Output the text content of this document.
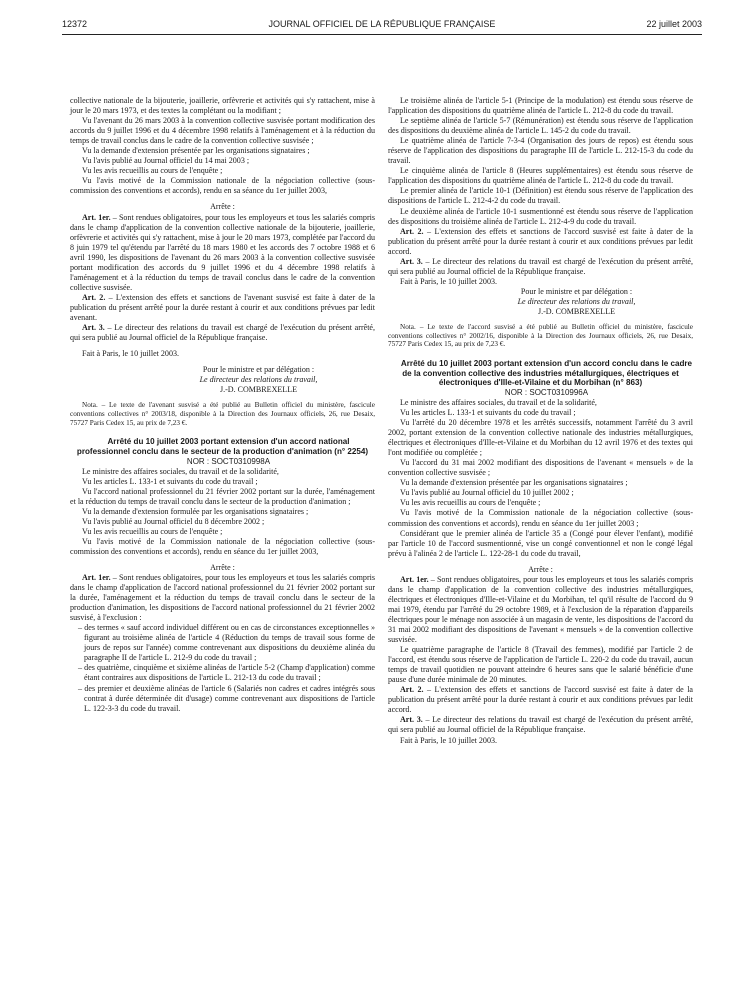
12372	JOURNAL OFFICIEL DE LA RÉPUBLIQUE FRANÇAISE	22 juillet 2003

collective nationale de la bijouterie, joaillerie, orfèvrerie et activités qui s'y rattachent, mise à jour le 20 mars 1973, et des textes la complétant ou la modifiant ;

Vu l'avenant du 26 mars 2003 à la convention collective susvisée portant modification des accords du 9 juillet 1996 et du 4 décembre 1998 relatifs à l'aménagement et à la réduction du temps de travail conclus dans le cadre de la convention collective susvisée ;

Vu la demande d'extension présentée par les organisations signataires ;

Vu l'avis publié au Journal officiel du 14 mai 2003 ;

Vu les avis recueillis au cours de l'enquête ;

Vu l'avis motivé de la Commission nationale de la négociation collective (sous-commission des conventions et accords), rendu en sa séance du 1er juillet 2003,

Arrête :

Art. 1er. – Sont rendues obligatoires, pour tous les employeurs et tous les salariés compris dans le champ d'application de la convention collective nationale de la bijouterie, joaillerie, orfèvrerie et activités qui s'y rattachent, mise à jour le 20 mars 1973, complétée par l'accord du 8 juin 1979 tel qu'étendu par l'arrêté du 18 mars 1980 et les accords des 7 octobre 1988 et 6 avril 1990, les dispositions de l'avenant du 26 mars 2003 à la convention collective susvisée portant modification des accords du 9 juillet 1996 et du 4 décembre 1998 relatifs à l'aménagement et à la réduction du temps de travail conclus dans le cadre de la convention collective susvisée.

Art. 2. – L'extension des effets et sanctions de l'avenant susvisé est faite à dater de la publication du présent arrêté pour la durée restant à courir et aux conditions prévues par ledit avenant.

Art. 3. – Le directeur des relations du travail est chargé de l'exécution du présent arrêté, qui sera publié au Journal officiel de la République française.

Fait à Paris, le 10 juillet 2003.

Pour le ministre et par délégation :

Le directeur des relations du travail,

J.-D. COMBREXELLE

Nota. – Le texte de l'avenant susvisé a été publié au Bulletin officiel du ministère, fascicule conventions collectives n° 2003/18, disponible à la Direction des Journaux officiels, 26, rue Desaix, 75727 Paris Cedex 15, au prix de 7,23 €.

Arrêté du 10 juillet 2003 portant extension d'un accord national professionnel conclu dans le secteur de la production d'animation (n° 2254)

NOR : SOCT0310998A

Le ministre des affaires sociales, du travail et de la solidarité,

Vu les articles L. 133-1 et suivants du code du travail ;

Vu l'accord national professionnel du 21 février 2002 portant sur la durée, l'aménagement et la réduction du temps de travail conclu dans le secteur de la production d'animation ;

Vu la demande d'extension formulée par les organisations signataires ;

Vu l'avis publié au Journal officiel du 8 décembre 2002 ;

Vu les avis recueillis au cours de l'enquête ;

Vu l'avis motivé de la Commission nationale de la négociation collective (sous-commission des conventions et accords), rendu en séance du 1er juillet 2003,

Arrête :

Art. 1er. – Sont rendues obligatoires, pour tous les employeurs et tous les salariés compris dans le champ d'application de l'accord national professionnel du 21 février 2002 portant sur la durée, l'aménagement et la réduction du temps de travail conclu dans le secteur de la production d'animation, les dispositions de l'accord national professionnel du 21 février 2002 susvisé, à l'exclusion :

– des termes « sauf accord individuel différent ou en cas de circonstances exceptionnelles » figurant au troisième alinéa de l'article 4 (Réduction du temps de travail sous forme de jours de repos sur l'année) comme contrevenant aux dispositions du deuxième alinéa du paragraphe II de l'article L. 212-9 du code du travail ;
– des quatrième, cinquième et sixième alinéas de l'article 5-2 (Champ d'application) comme étant contraires aux dispositions de l'article L. 212-13 du code du travail ;
– des premier et deuxième alinéas de l'article 6 (Salariés non cadres et cadres intégrés sous contrat à durée déterminée dit d'usage) comme contrevenant aux dispositions de l'article L. 122-3-3 du code du travail.

Le troisième alinéa de l'article 5-1 (Principe de la modulation) est étendu sous réserve de l'application des dispositions du quatrième alinéa de l'article L. 212-8 du code du travail.

Le septième alinéa de l'article 5-7 (Rémunération) est étendu sous réserve de l'application des dispositions du deuxième alinéa de l'article L. 145-2 du code du travail.

Le quatrième alinéa de l'article 7-3-4 (Organisation des jours de repos) est étendu sous réserve de l'application des dispositions du paragraphe III de l'article L. 212-15-3 du code du travail.

Le cinquième alinéa de l'article 8 (Heures supplémentaires) est étendu sous réserve de l'application des dispositions du quatrième alinéa de l'article L. 212-8 du code du travail.

Le premier alinéa de l'article 10-1 (Définition) est étendu sous réserve de l'application des dispositions de l'article L. 212-4-2 du code du travail.

Le deuxième alinéa de l'article 10-1 susmentionné est étendu sous réserve de l'application des dispositions du troisième alinéa de l'article L. 212-4-9 du code du travail.

Art. 2. – L'extension des effets et sanctions de l'accord susvisé est faite à dater de la publication du présent arrêté pour la durée restant à courir et aux conditions prévues par ledit accord.

Art. 3. – Le directeur des relations du travail est chargé de l'exécution du présent arrêté, qui sera publié au Journal officiel de la République française.

Fait à Paris, le 10 juillet 2003.

Pour le ministre et par délégation :

Le directeur des relations du travail,

J.-D. COMBREXELLE

Nota. – Le texte de l'accord susvisé a été publié au Bulletin officiel du ministère, fascicule conventions collectives n° 2002/16, disponible à la Direction des Journaux officiels, 26, rue Desaix, 75727 Paris Cedex 15, au prix de 7,23 €.

Arrêté du 10 juillet 2003 portant extension d'un accord conclu dans le cadre de la convention collective des industries métallurgiques, électriques et électroniques d'Ille-et-Vilaine et du Morbihan (n° 863)

NOR : SOCT0310996A

Le ministre des affaires sociales, du travail et de la solidarité,

Vu les articles L. 133-1 et suivants du code du travail ;

Vu l'arrêté du 20 décembre 1978 et les arrêtés successifs, notamment l'arrêté du 3 avril 2002, portant extension de la convention collective nationale des industries métallurgiques, électriques et électroniques d'Ille-et-Vilaine et du Morbihan du 12 avril 1976 et des textes qui l'ont modifiée ou complétée ;

Vu l'accord du 31 mai 2002 modifiant des dispositions de l'avenant « mensuels » de la convention collective susvisée ;

Vu la demande d'extension présentée par les organisations signataires ;

Vu l'avis publié au Journal officiel du 10 juillet 2002 ;

Vu les avis recueillis au cours de l'enquête ;

Vu l'avis motivé de la Commission nationale de la négociation collective (sous-commission des conventions et accords), rendu en séance du 1er juillet 2003 ;

Considérant que le premier alinéa de l'article 35 a (Congé pour élever l'enfant), modifié par l'article 10 de l'accord susmentionné, vise un congé conventionnel et non le congé légal prévu à l'alinéa 2 de l'article L. 122-28-1 du code du travail,

Arrête :

Art. 1er. – Sont rendues obligatoires, pour tous les employeurs et tous les salariés compris dans le champ d'application de la convention collective des industries métallurgiques, électriques et électroniques d'Ille-et-Vilaine et du Morbihan, tel qu'il résulte de l'accord du 9 mai 1979, étendu par l'arrêté du 29 octobre 1989, et à l'exclusion de la réparation d'appareils électriques pour le ménage non associée à un magasin de vente, les dispositions de l'accord du 31 mai 2002 modifiant des dispositions de l'avenant « mensuels » de la convention collective susvisée.

Le quatrième paragraphe de l'article 8 (Travail des femmes), modifié par l'article 2 de l'accord, est étendu sous réserve de l'application de l'article L. 220-2 du code du travail, aucun temps de travail quotidien ne pouvant atteindre 6 heures sans que le salarié bénéficie d'une pause d'une durée minimale de 20 minutes.

Art. 2. – L'extension des effets et sanctions de l'accord susvisé est faite à dater de la publication du présent arrêté pour la durée restant à courir et aux conditions prévues par ledit accord.

Art. 3. – Le directeur des relations du travail est chargé de l'exécution du présent arrêté, qui sera publié au Journal officiel de la République française.

Fait à Paris, le 10 juillet 2003.
